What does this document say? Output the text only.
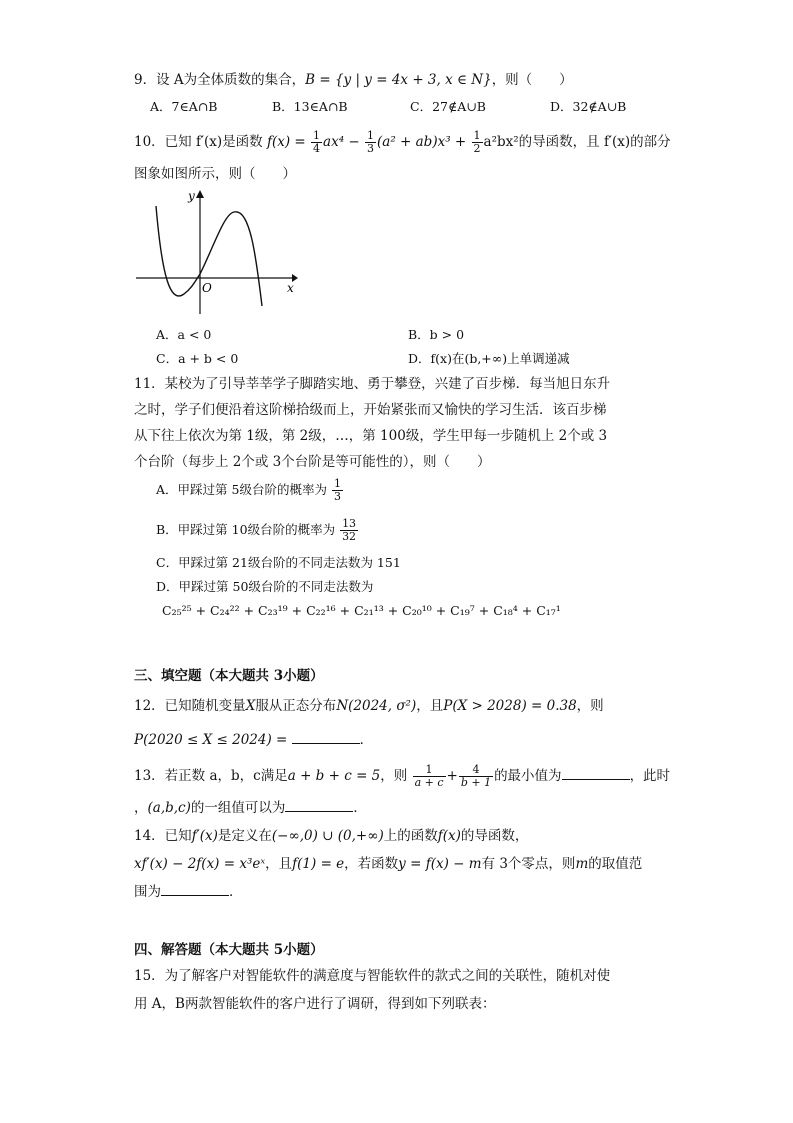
9．设 A为全体质数的集合，B = {y | y = 4x + 3, x ∈ N}，则（　　）
A．7∈A∩B	B．13∈A∩B	C．27∉A∪B	D．32∉A∪B
10．已知 f′(x)是函数 $f(x) = \frac{1}{4} ax^4 - \frac{1}{3} (a^2 + ab)x^3 + \frac{1}{2} a^2bx^2$的导函数，且 f′(x)的部分
图象如图所示，则（　　）
y
x
O
A．a < 0	B．b > 0
C．a + b < 0	D．f(x)在(b,+∞)上单调递减
11．某校为了引导莘莘学子脚踏实地、勇于攀登，兴建了百步梯．每当旭日东升
之时，学子们便沿着这阶梯拾级而上，开始紧张而又愉快的学习生活．该百步梯
从下往上依次为第 1级，第 2级，…，第 100级，学生甲每一步随机上 2个或 3
个台阶（每步上 2个或 3个台阶是等可能性的），则（　　）
A．甲踩过第 5级台阶的概率为 $\frac{1}{3}$
B．甲踩过第 10级台阶的概率为 $\frac{13}{32}$
C．甲踩过第 21级台阶的不同走法数为 151
D．甲踩过第 50级台阶的不同走法数为
C₂₅²⁵ + C₂₄²² + C₂₃¹⁹ + C₂₂¹⁶ + C₂₁¹³ + C₂₀¹⁰ + C₁₉⁷ + C₁₈⁴ + C₁₇¹
三、填空题（本大题共 3小题）
12．已知随机变量X服从正态分布N(2024, σ²)，且P(X > 2028) = 0.38，则
P(2020 ≤ X ≤ 2024) =	．
13．若正数 a，b，c满足a + b + c = 5，则 $\frac{1}{a + c} + \frac{4}{b + 1}$ 的最小值为	，此时
，(a,b,c)的一组值可以为	．
14．已知f′(x)是定义在(−∞,0) ∪ (0,+∞)上的函数f(x)的导函数，
xf′(x) − 2f(x) = x³eˣ，且f(1) = e，若函数y = f(x) − m有 3个零点，则m的取值范
围为	．
四、解答题（本大题共 5小题）
15．为了解客户对智能软件的满意度与智能软件的款式之间的关联性，随机对使
用 A，B两款智能软件的客户进行了调研，得到如下列联表：
